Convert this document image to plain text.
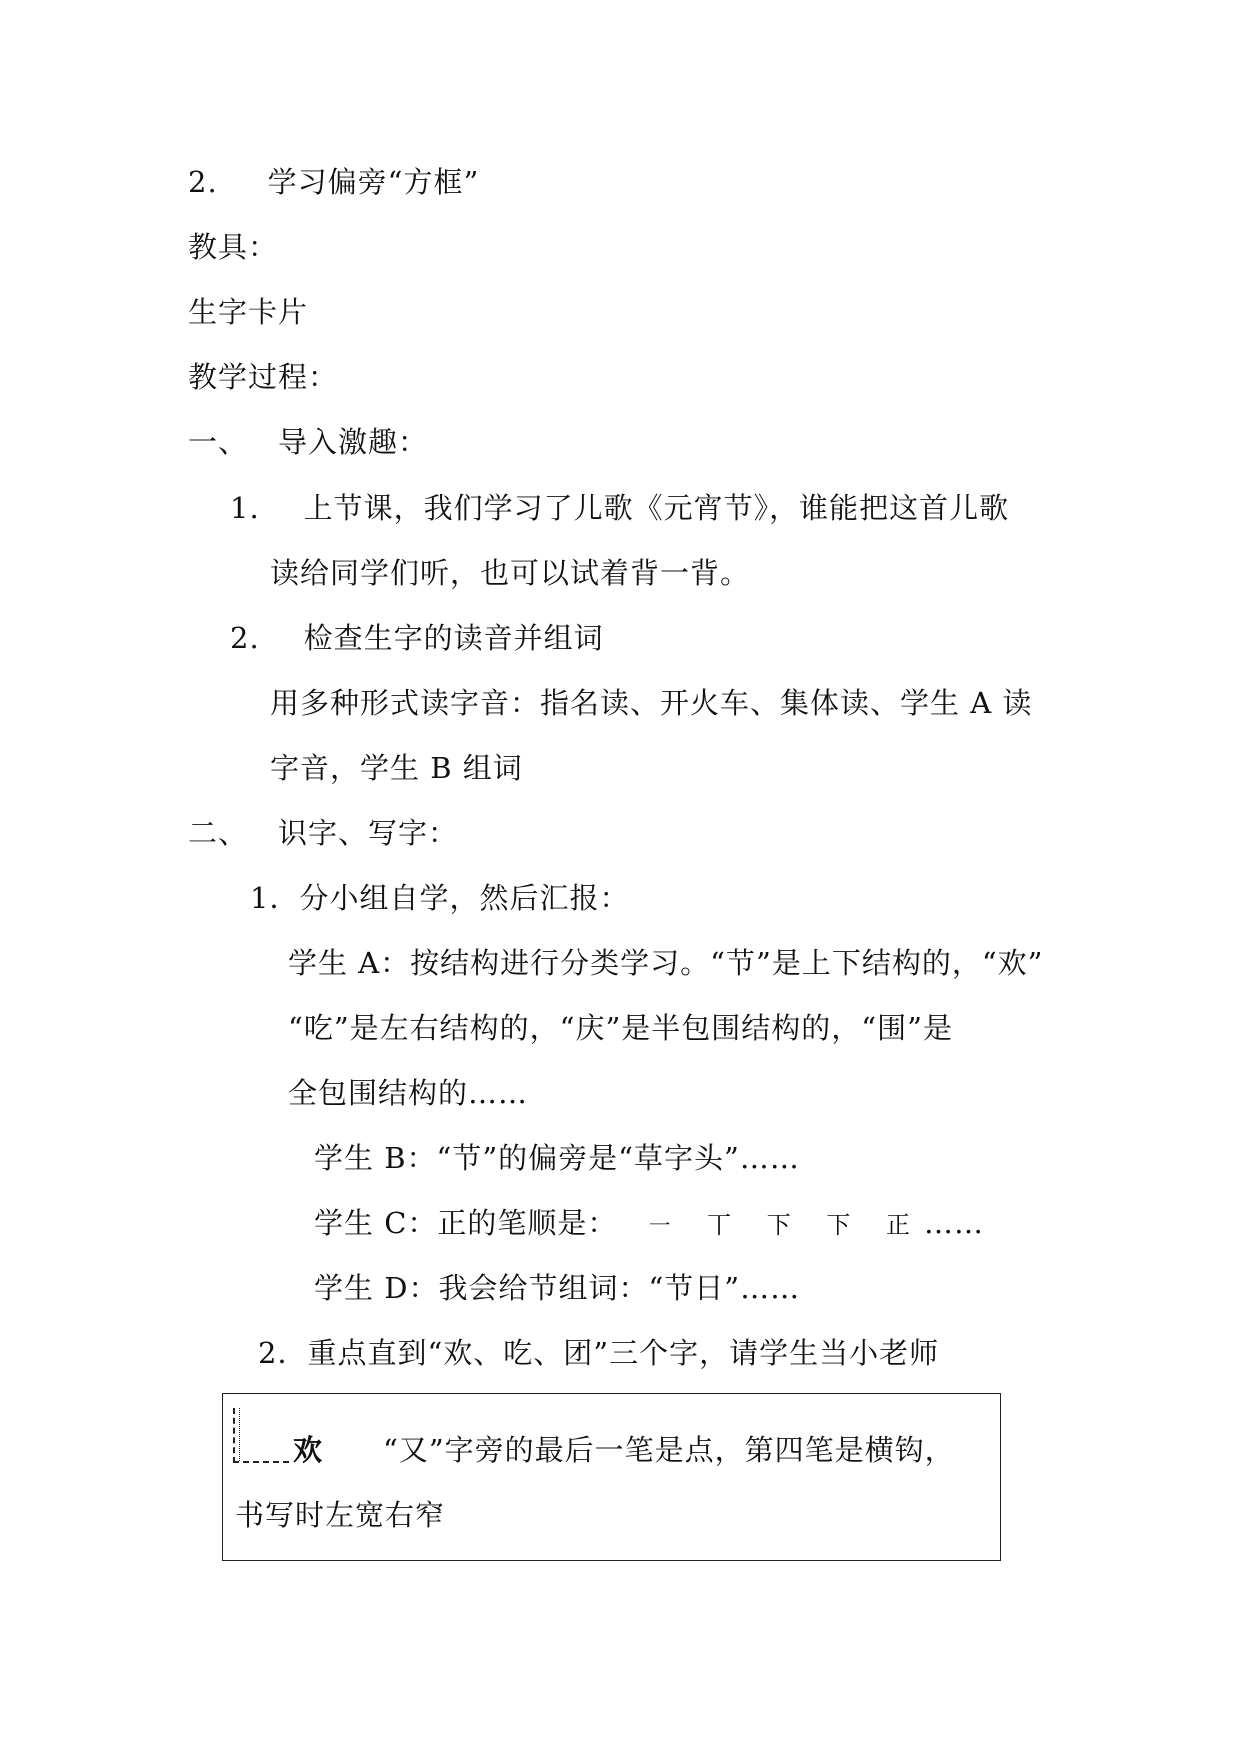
2. 学习偏旁“方框”
教具：
生字卡片
教学过程：
一、 导入激趣：
1. 上节课，我们学习了儿歌《元宵节》，谁能把这首儿歌
读给同学们听，也可以试着背一背。
2. 检查生字的读音并组词
用多种形式读字音：指名读、开火车、集体读、学生 A 读
字音，学生 B 组词
二、 识字、写字：
1．分小组自学，然后汇报：
学生 A：按结构进行分类学习。“节”是上下结构的，“欢”
“吃”是左右结构的，“庆”是半包围结构的，“围”是
全包围结构的……
学生 B：“节”的偏旁是“草字头”……
学生 C：正的笔顺是： ㇐ 丅 下 下 正……
学生 D：我会给节组词：“节日”……
2．重点直到“欢、吃、团”三个字，请学生当小老师
欢 “又”字旁的最后一笔是点，第四笔是横钩，
书写时左宽右窄
